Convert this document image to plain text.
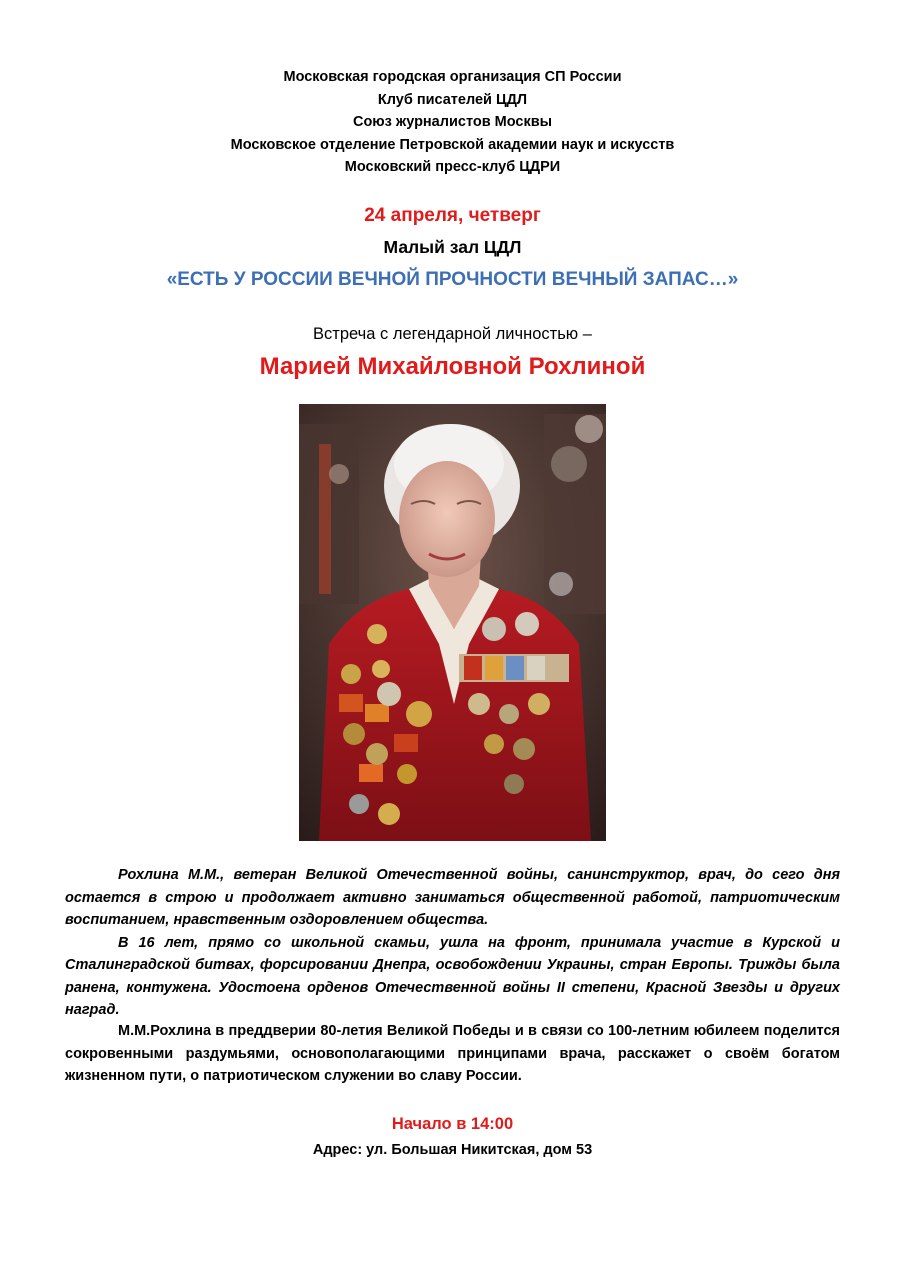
Московская городская организация СП России
Клуб писателей ЦДЛ
Союз журналистов Москвы
Московское отделение Петровской академии наук и искусств
Московский пресс-клуб ЦДРИ
24 апреля, четверг
Малый зал ЦДЛ
«ЕСТЬ У РОССИИ ВЕЧНОЙ ПРОЧНОСТИ ВЕЧНЫЙ ЗАПАС…»
Встреча с легендарной личностью –
Марией Михайловной Рохлиной

Рохлина М.М., ветеран Великой Отечественной войны, санинструктор, врач, до сего дня остается в строю и продолжает активно заниматься общественной работой, патриотическим воспитанием, нравственным оздоровлением общества.

В 16 лет, прямо со школьной скамьи, ушла на фронт, принимала участие в Курской и Сталинградской битвах, форсировании Днепра, освобождении Украины, стран Европы. Трижды была ранена, контужена. Удостоена орденов Отечественной войны II степени, Красной Звезды и других наград.

М.М.Рохлина в преддверии 80-летия Великой Победы и в связи со 100-летним юбилеем поделится сокровенными раздумьями, основополагающими принципами врача, расскажет о своём богатом жизненном пути, о патриотическом служении во славу России.

Начало в 14:00
Адрес: ул. Большая Никитская, дом 53
